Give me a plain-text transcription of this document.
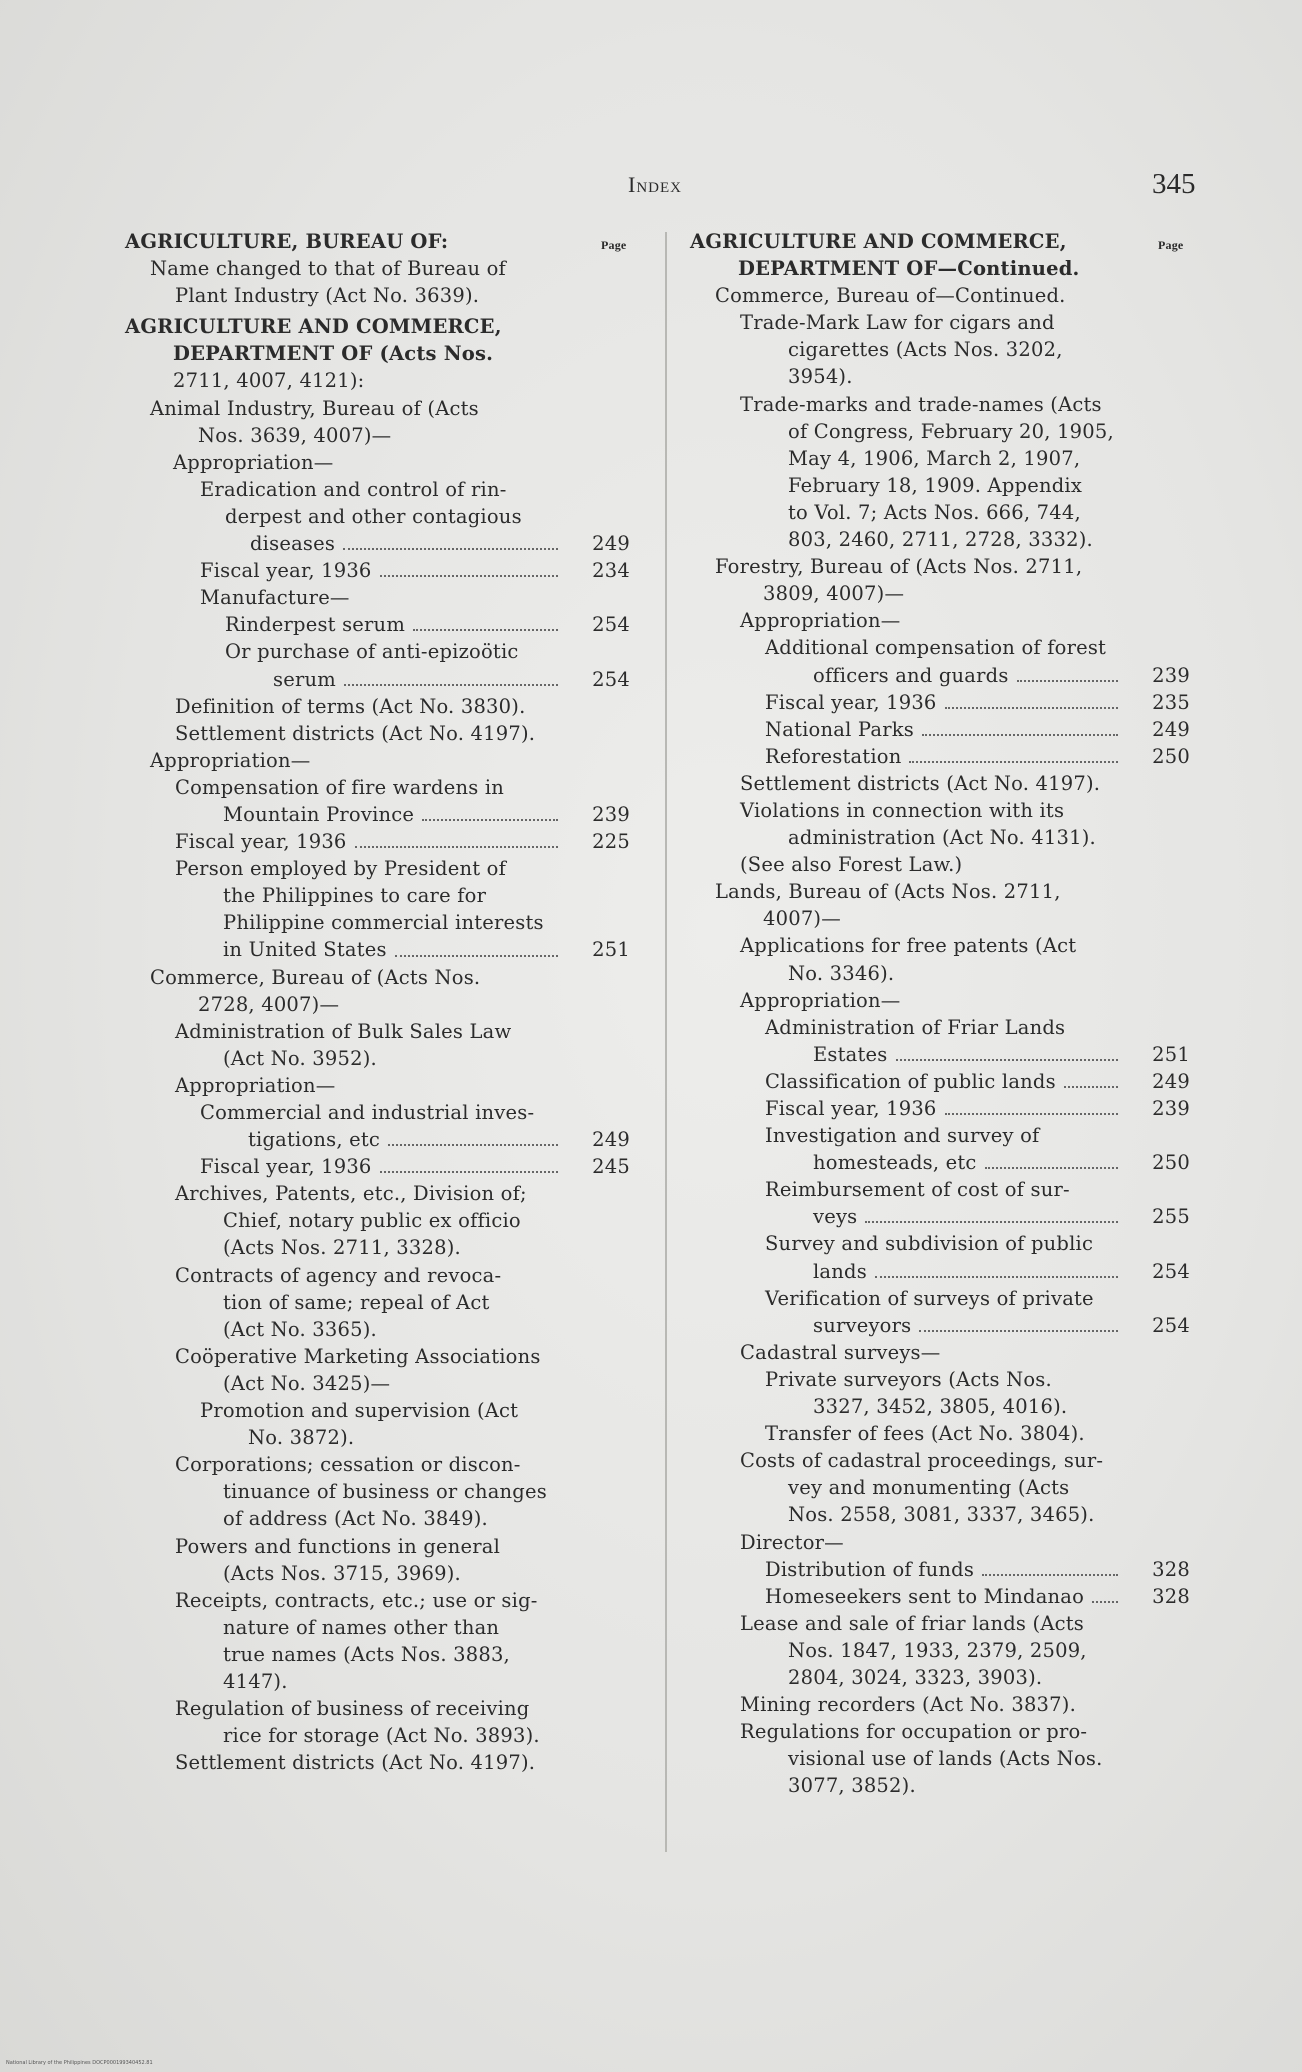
Index	345
AGRICULTURE, BUREAU OF:	Page
Name changed to that of Bureau of
Plant Industry (Act No. 3639).
AGRICULTURE AND COMMERCE,
DEPARTMENT OF (Acts Nos.
2711, 4007, 4121):
Animal Industry, Bureau of (Acts
Nos. 3639, 4007)—
Appropriation—
Eradication and control of rin-
derpest and other contagious
diseases	249
Fiscal year, 1936	234
Manufacture—
Rinderpest serum	254
Or purchase of anti-epizoötic
serum	254
Definition of terms (Act No. 3830).
Settlement districts (Act No. 4197).
Appropriation—
Compensation of fire wardens in
Mountain Province	239
Fiscal year, 1936	225
Person employed by President of
the Philippines to care for
Philippine commercial interests
in United States	251
Commerce, Bureau of (Acts Nos.
2728, 4007)—
Administration of Bulk Sales Law
(Act No. 3952).
Appropriation—
Commercial and industrial inves-
tigations, etc	249
Fiscal year, 1936	245
Archives, Patents, etc., Division of;
Chief, notary public ex officio
(Acts Nos. 2711, 3328).
Contracts of agency and revoca-
tion of same; repeal of Act
(Act No. 3365).
Coöperative Marketing Associations
(Act No. 3425)—
Promotion and supervision (Act
No. 3872).
Corporations; cessation or discon-
tinuance of business or changes
of address (Act No. 3849).
Powers and functions in general
(Acts Nos. 3715, 3969).
Receipts, contracts, etc.; use or sig-
nature of names other than
true names (Acts Nos. 3883,
4147).
Regulation of business of receiving
rice for storage (Act No. 3893).
Settlement districts (Act No. 4197).
AGRICULTURE AND COMMERCE,	Page
DEPARTMENT OF—Continued.
Commerce, Bureau of—Continued.
Trade-Mark Law for cigars and
cigarettes (Acts Nos. 3202,
3954).
Trade-marks and trade-names (Acts
of Congress, February 20, 1905,
May 4, 1906, March 2, 1907,
February 18, 1909. Appendix
to Vol. 7; Acts Nos. 666, 744,
803, 2460, 2711, 2728, 3332).
Forestry, Bureau of (Acts Nos. 2711,
3809, 4007)—
Appropriation—
Additional compensation of forest
officers and guards	239
Fiscal year, 1936	235
National Parks	249
Reforestation	250
Settlement districts (Act No. 4197).
Violations in connection with its
administration (Act No. 4131).
(See also Forest Law.)
Lands, Bureau of (Acts Nos. 2711,
4007)—
Applications for free patents (Act
No. 3346).
Appropriation—
Administration of Friar Lands
Estates	251
Classification of public lands	249
Fiscal year, 1936	239
Investigation and survey of
homesteads, etc	250
Reimbursement of cost of sur-
veys	255
Survey and subdivision of public
lands	254
Verification of surveys of private
surveyors	254
Cadastral surveys—
Private surveyors (Acts Nos.
3327, 3452, 3805, 4016).
Transfer of fees (Act No. 3804).
Costs of cadastral proceedings, sur-
vey and monumenting (Acts
Nos. 2558, 3081, 3337, 3465).
Director—
Distribution of funds	328
Homeseekers sent to Mindanao	328
Lease and sale of friar lands (Acts
Nos. 1847, 1933, 2379, 2509,
2804, 3024, 3323, 3903).
Mining recorders (Act No. 3837).
Regulations for occupation or pro-
visional use of lands (Acts Nos.
3077, 3852).
National Library of the Philippines DOCP000199340452.81
